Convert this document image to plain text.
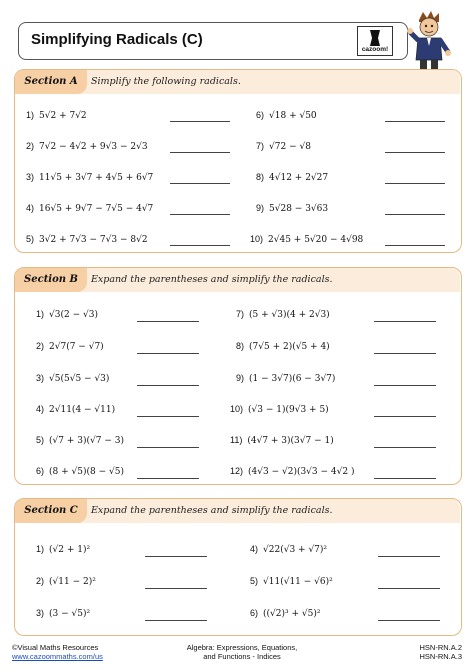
Simplifying Radicals (C)
cazoom!
Section A	Simplify the following radicals.
1) 5√2 + 7√2
2) 7√2 − 4√2 + 9√3 − 2√3
3) 11√5 + 3√7 + 4√5 + 6√7
4) 16√5 + 9√7 − 7√5 − 4√7
5) 3√2 + 7√3 − 7√3 − 8√2
6) √18 + √50
7) √72 − √8
8) 4√12 + 2√27
9) 5√28 − 3√63
10) 2√45 + 5√20 − 4√98
Section B	Expand the parentheses and simplify the radicals.
1) √3(2 − √3)
2) 2√7(7 − √7)
3) √5(5√5 − √3)
4) 2√11(4 − √11)
5) (√7 + 3)(√7 − 3)
6) (8 + √5)(8 − √5)
7) (5 + √3)(4 + 2√3)
8) (7√5 + 2)(√5 + 4)
9) (1 − 3√7)(6 − 3√7)
10) (√3 − 1)(9√3 + 5)
11) (4√7 + 3)(3√7 − 1)
12) (4√3 − √2)(3√3 − 4√2 )
Section C	Expand the parentheses and simplify the radicals.
1) (√2 + 1)²
2) (√11 − 2)²
3) (3 − √5)²
4) √22(√3 + √7)²
5) √11(√11 − √6)²
6) ((√2)³ + √5)²
©Visual Maths Resources
www.cazoommaths.com/us
Algebra: Expressions, Equations,
and Functions - Indices
HSN-RN.A.2
HSN-RN.A.3
